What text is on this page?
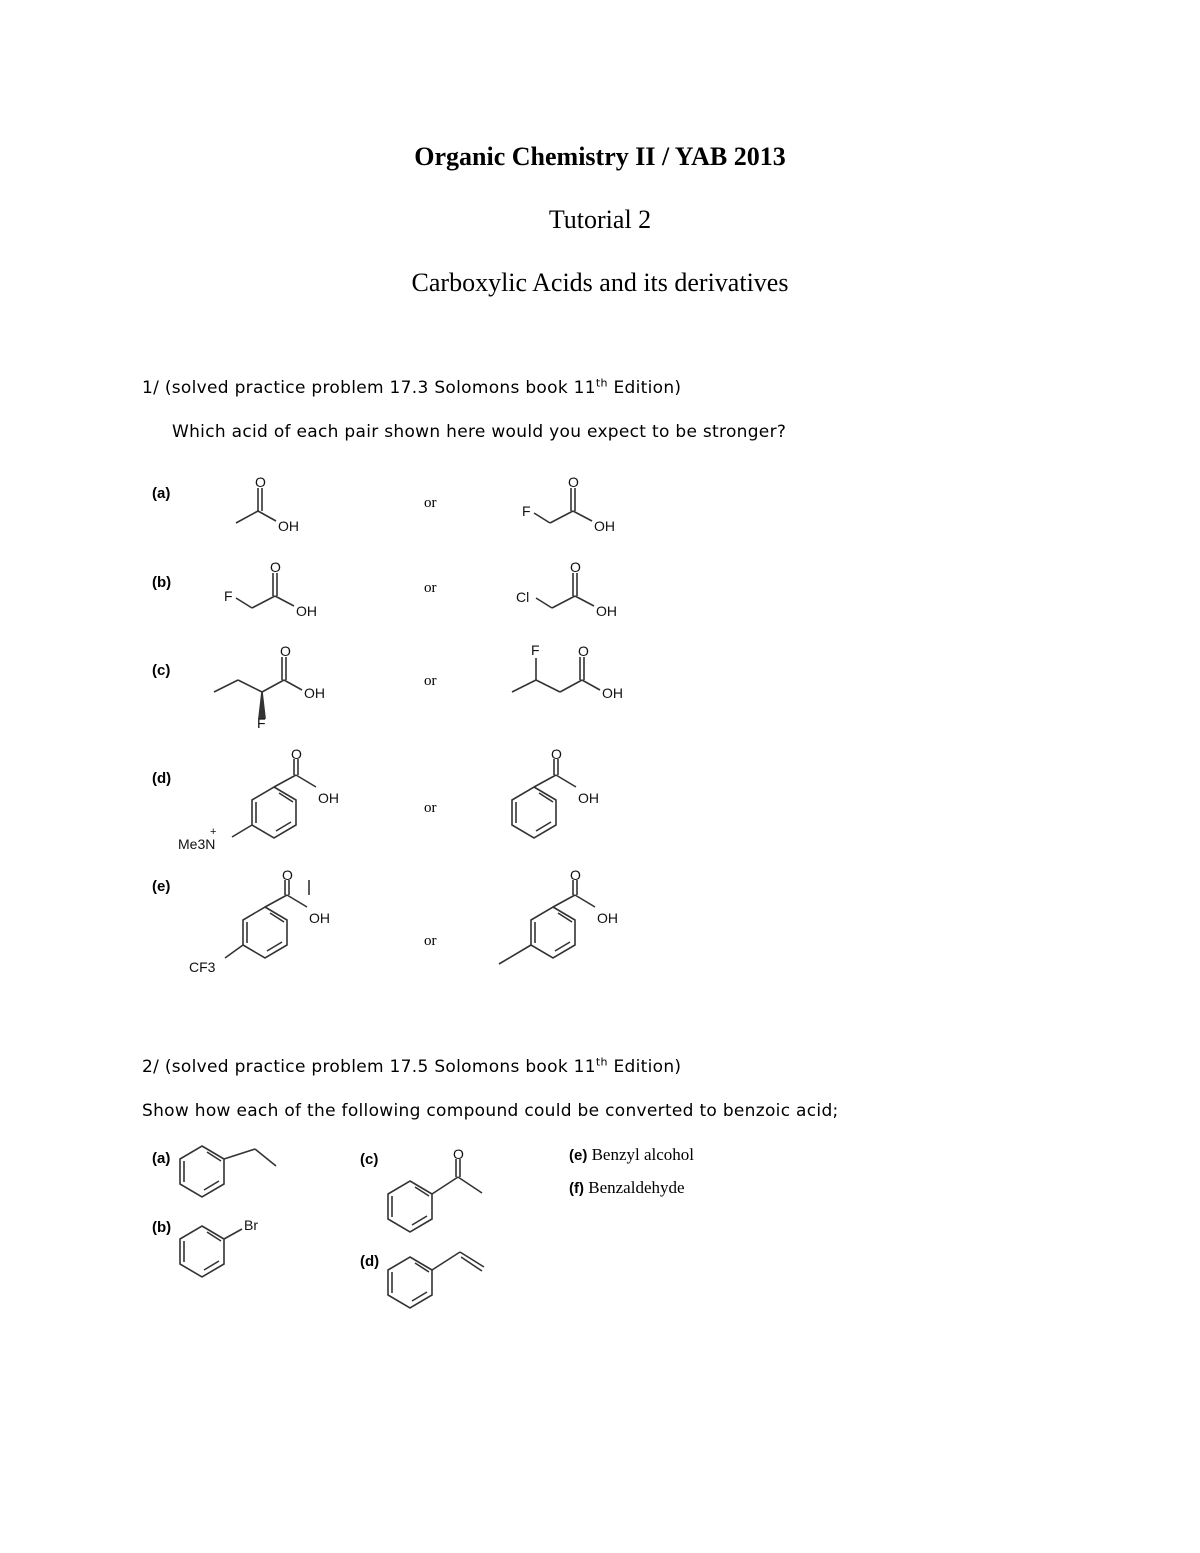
Organic Chemistry II / YAB 2013
Tutorial 2
Carboxylic Acids and its derivatives
1/ (solved practice problem 17.3 Solomons book 11th Edition)
Which acid of each pair shown here would you expect to be stronger?
(a)
(b)
(c)
(d)
(e)
or
or
or
or
or
O
OH
F
O
OH
F
O
OH
Cl
O
OH
O
OH
F
F	O
OH
O
OH
Me3N
+
O
OH
O
OH
CF3
O
OH
2/ (solved practice problem 17.5 Solomons book 11th Edition)
Show how each of the following compound could be converted to benzoic acid;
(a)
(b)
(c)
(d)
(e) Benzyl alcohol
(f) Benzaldehyde
Br
O
